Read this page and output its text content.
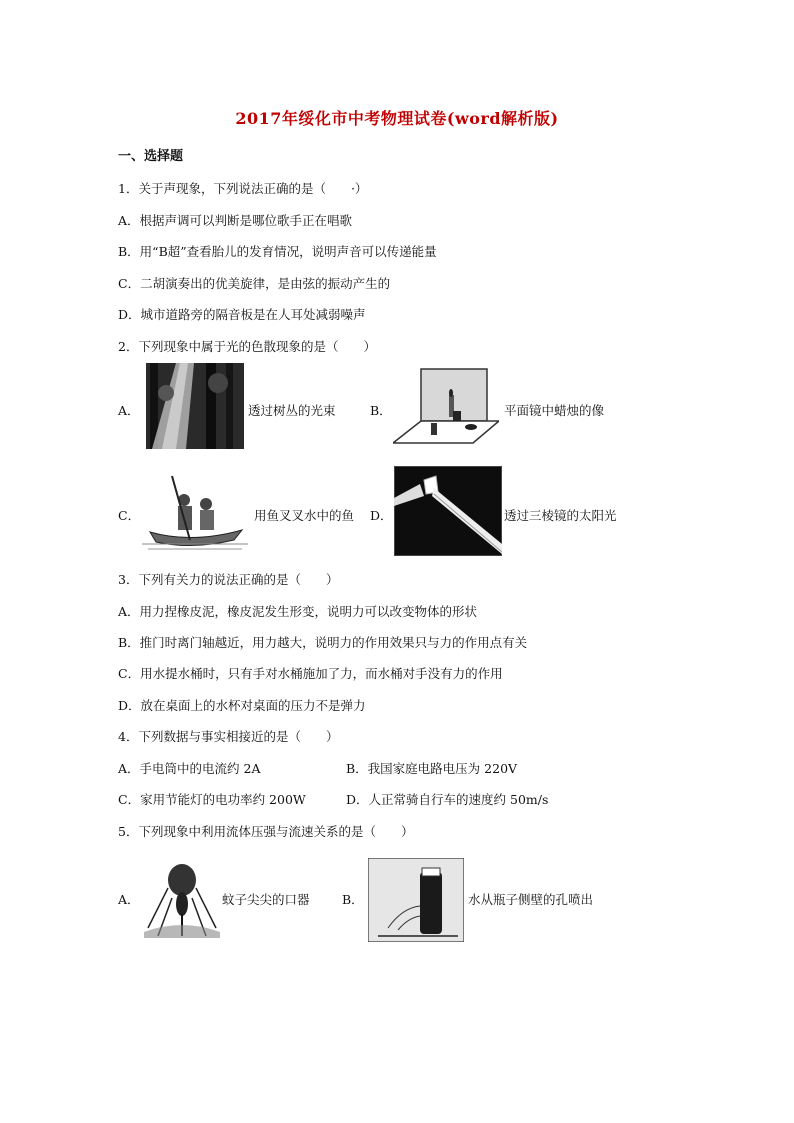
2017年绥化市中考物理试卷(word解析版)
一、选择题
1．关于声现象，下列说法正确的是（　　·）
A．根据声调可以判断是哪位歌手正在唱歌
B．用“B超”查看胎儿的发育情况，说明声音可以传递能量
C．二胡演奏出的优美旋律，是由弦的振动产生的
D．城市道路旁的隔音板是在人耳处减弱噪声
2．下列现象中属于光的色散现象的是（　　）
A．	透过树丛的光束	B．	平面镜中蜡烛的像
C．	用鱼叉叉水中的鱼 D．	透过三棱镜的太阳光
3．下列有关力的说法正确的是（　　）
A．用力捏橡皮泥，橡皮泥发生形变，说明力可以改变物体的形状
B．推门时离门轴越近，用力越大，说明力的作用效果只与力的作用点有关
C．用水提水桶时，只有手对水桶施加了力，而水桶对手没有力的作用
D．放在桌面上的水杯对桌面的压力不是弹力
4．下列数据与事实相接近的是（　　）
A．手电筒中的电流约 2A	B．我国家庭电路电压为 220V
C．家用节能灯的电功率约 200W	D．人正常骑自行车的速度约 50m/s
5．下列现象中利用流体压强与流速关系的是（　　）
A．	蚊子尖尖的口器	B．	水从瓶子侧壁的孔喷出
